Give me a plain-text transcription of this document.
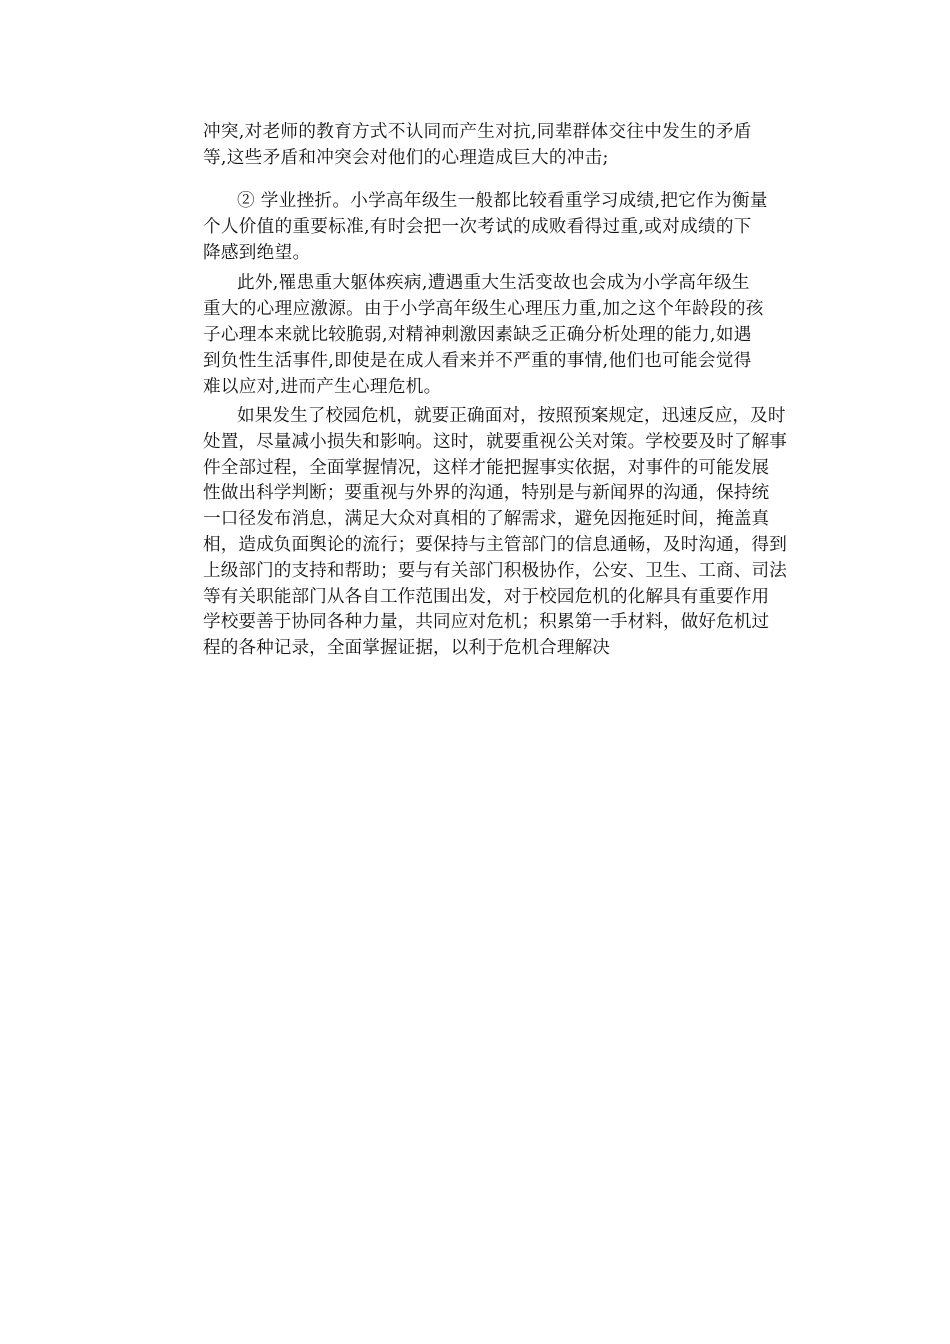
冲突,对老师的教育方式不认同而产生对抗,同辈群体交往中发生的矛盾
等,这些矛盾和冲突会对他们的心理造成巨大的冲击;
② 学业挫折。小学高年级生一般都比较看重学习成绩,把它作为衡量
个人价值的重要标准,有时会把一次考试的成败看得过重,或对成绩的下
降感到绝望。
此外,罹患重大躯体疾病,遭遇重大生活变故也会成为小学高年级生
重大的心理应激源。由于小学高年级生心理压力重,加之这个年龄段的孩
子心理本来就比较脆弱,对精神刺激因素缺乏正确分析处理的能力,如遇
到负性生活事件,即使是在成人看来并不严重的事情,他们也可能会觉得
难以应对,进而产生心理危机。
如果发生了校园危机，就要正确面对，按照预案规定，迅速反应，及时
处置，尽量减小损失和影响。这时，就要重视公关对策。学校要及时了解事
件全部过程，全面掌握情况，这样才能把握事实依据，对事件的可能发展
性做出科学判断；要重视与外界的沟通，特别是与新闻界的沟通，保持统
一口径发布消息，满足大众对真相的了解需求，避免因拖延时间，掩盖真
相，造成负面舆论的流行；要保持与主管部门的信息通畅，及时沟通，得到
上级部门的支持和帮助；要与有关部门积极协作，公安、卫生、工商、司法
等有关职能部门从各自工作范围出发，对于校园危机的化解具有重要作用
学校要善于协同各种力量，共同应对危机；积累第一手材料，做好危机过
程的各种记录，全面掌握证据，以利于危机合理解决
